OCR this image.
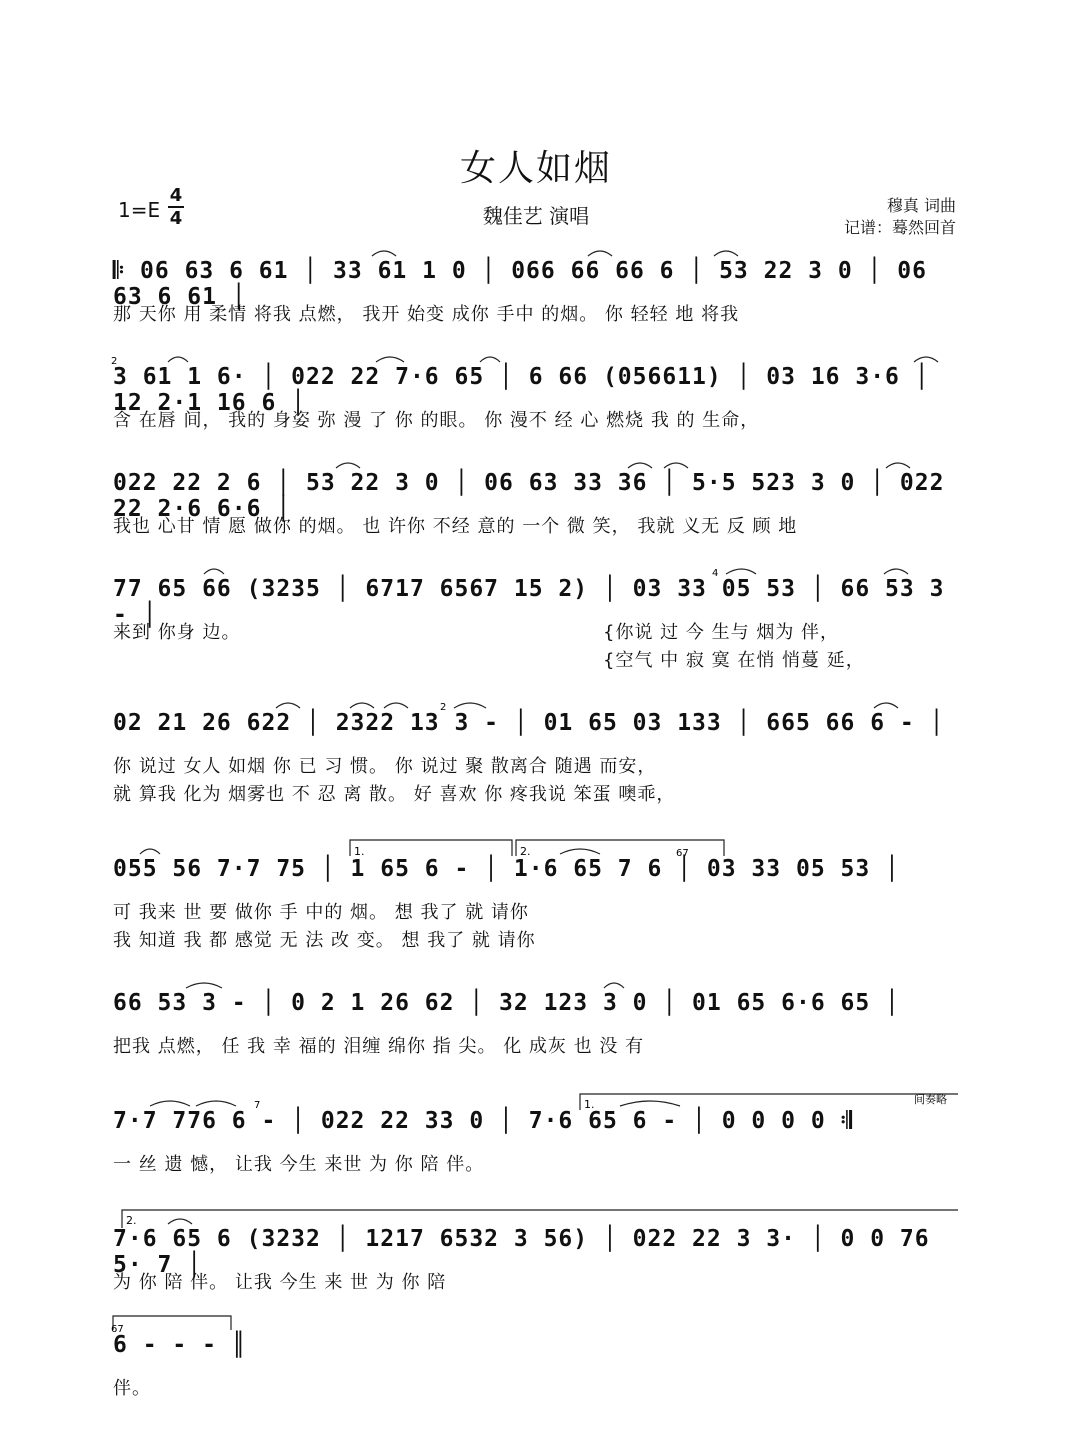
女人如烟
1=E
4
4	魏佳艺 演唱	穆真 词曲
记谱：蓦然回首
𝄆 06 63 6 61 │ 33 61 1 0 │ 066 66 66 6 │ 53 22 3 0 │ 06 63 6 61 │
那 天你 用 柔情 将我 点燃， 我开 始变 成你 手中 的烟。 你 轻轻 地 将我
3 61 1 6· │ 022 22 7·6 65 │ 6 66 (056611) │ 03 16 3·6 │ 12 2·1 16 6 │
含 在唇 间， 我的 身姿 弥 漫 了 你 的眼。 你 漫不 经 心 燃烧 我 的 生命，
022 22 2 6 │ 53 22 3 0 │ 06 63 33 36 │ 5·5 523 3 0 │ 022 22 2·6 6·6 │
我也 心甘 情 愿 做你 的烟。 也 许你 不经 意的 一个 微 笑， 我就 义无 反 顾 地
77 65 66 (3235 │ 6717 6567 15 2) │ 03 33 05 53 │ 66 53 3 - │
来到 你身 边。	{你说 过 今 生与 烟为 伴，
{空气 中 寂 寞 在悄 悄蔓 延，
02 21 26 622 │ 2322 13 3 - │ 01 65 03 133 │ 665 66 6 - │
你 说过 女人 如烟 你 已 习 惯。 你 说过 聚 散离合 随遇 而安，
就 算我 化为 烟雾也 不 忍 离 散。 好 喜欢 你 疼我说 笨蛋 噢乖，
055 56 7·7 75 │ 1 65 6 - │ 1·6 65 7 6 │ 03 33 05 53 │
可 我来 世 要 做你 手 中的 烟。 想 我了 就 请你
我 知道 我 都 感觉 无 法 改 变。 想 我了 就 请你
66 53 3 - │ 0 2 1 26 62 │ 32 123 3 0 │ 01 65 6·6 65 │
把我 点燃， 任 我 幸 福的 泪缠 绵你 指 尖。 化 成灰 也 没 有
7·7 776 6 - │ 022 22 33 0 │ 7·6 65 6 - │ 0 0 0 0 𝄇
一 丝 遗 憾， 让我 今生 来世 为 你 陪 伴。
7·6 65 6 (3232 │ 1217 6532 3 56) │ 022 22 3 3· │ 0 0 76 5· 7 │
为 你 陪 伴。 让我 今生 来 世 为 你 陪
6 - - - ║
伴。
1.	2.
1.
2.
间奏略
2
4
2
67
7
67
